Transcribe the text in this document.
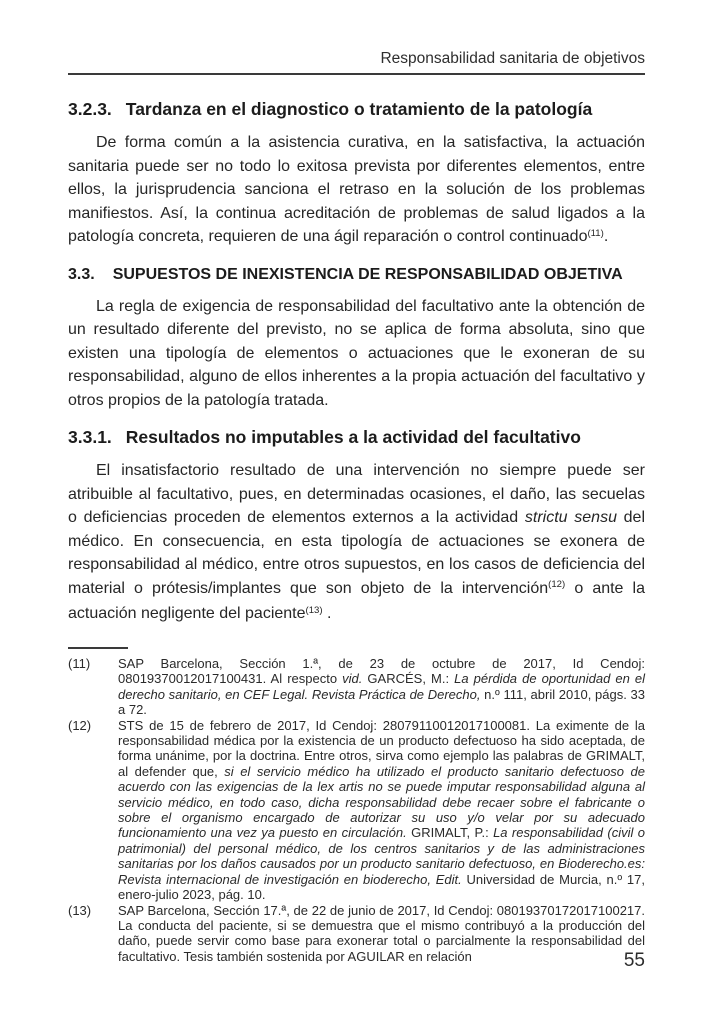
Responsabilidad sanitaria de objetivos
3.2.3. Tardanza en el diagnostico o tratamiento de la patología

De forma común a la asistencia curativa, en la satisfactiva, la actuación sanitaria puede ser no todo lo exitosa prevista por diferentes elementos, entre ellos, la jurisprudencia sanciona el retraso en la solución de los problemas manifiestos. Así, la continua acreditación de problemas de salud ligados a la patología concreta, requieren de una ágil reparación o control continuado$^{(11)}$.

3.3. SUPUESTOS DE INEXISTENCIA DE RESPONSABILIDAD OBJETIVA

La regla de exigencia de responsabilidad del facultativo ante la obtención de un resultado diferente del previsto, no se aplica de forma absoluta, sino que existen una tipología de elementos o actuaciones que le exoneran de su responsabilidad, alguno de ellos inherentes a la propia actuación del facultativo y otros propios de la patología tratada.

3.3.1. Resultados no imputables a la actividad del facultativo

El insatisfactorio resultado de una intervención no siempre puede ser atribuible al facultativo, pues, en determinadas ocasiones, el daño, las secuelas o deficiencias proceden de elementos externos a la actividad strictu sensu del médico. En consecuencia, en esta tipología de actuaciones se exonera de responsabilidad al médico, entre otros supuestos, en los casos de deficiencia del material o prótesis/implantes que son objeto de la intervención$^{(12)}$ o ante la actuación negligente del paciente$^{(13)}$ .

(11)	SAP Barcelona, Sección 1.ª, de 23 de octubre de 2017, Id Cendoj: 08019370012017100431. Al respecto vid. GARCÉS, M.: La pérdida de oportunidad en el derecho sanitario, en CEF Legal. Revista Práctica de Derecho, n.º 111, abril 2010, págs. 33 a 72.
(12)	STS de 15 de febrero de 2017, Id Cendoj: 28079110012017100081. La eximente de la responsabilidad médica por la existencia de un producto defectuoso ha sido aceptada, de forma unánime, por la doctrina. Entre otros, sirva como ejemplo las palabras de GRIMALT, al defender que, si el servicio médico ha utilizado el producto sanitario defectuoso de acuerdo con las exigencias de la lex artis no se puede imputar responsabilidad alguna al servicio médico, en todo caso, dicha responsabilidad debe recaer sobre el fabricante o sobre el organismo encargado de autorizar su uso y/o velar por su adecuado funcionamiento una vez ya puesto en circulación. GRIMALT, P.: La responsabilidad (civil o patrimonial) del personal médico, de los centros sanitarios y de las administraciones sanitarias por los daños causados por un producto sanitario defectuoso, en Bioderecho.es: Revista internacional de investigación en bioderecho, Edit. Universidad de Murcia, n.º 17, enero-julio 2023, pág. 10.
(13)	SAP Barcelona, Sección 17.ª, de 22 de junio de 2017, Id Cendoj: 08019370172017100217. La conducta del paciente, si se demuestra que el mismo contribuyó a la producción del daño, puede servir como base para exonerar total o parcialmente la responsabilidad del facultativo. Tesis también sostenida por AGUILAR en relación	55
